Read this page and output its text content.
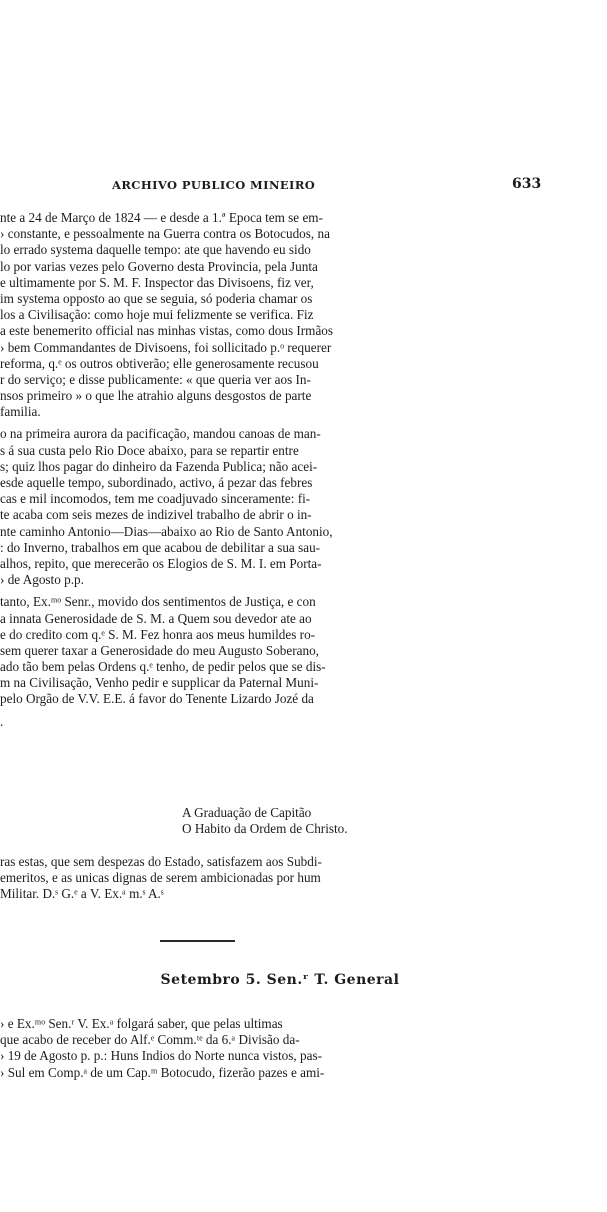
ARCHIVO PUBLICO MINEIRO	633
nte a 24 de Março de 1824 — e desde a 1.ª Epoca tem se em-
› constante, e pessoalmente na Guerra contra os Botocudos, na
lo errado systema daquelle tempo: ate que havendo eu sido
lo por varias vezes pelo Governo desta Provincia, pela Junta
e ultimamente por S. M. F. Inspector das Divisoens, fiz ver,
im systema opposto ao que se seguia, só poderia chamar os
los a Civilisação: como hoje mui felizmente se verifica. Fiz
a este benemerito official nas minhas vistas, como dous Irmãos
› bem Commandantes de Divisoens, foi sollicitado p.ᵒ requerer
reforma, q.ᵉ os outros obtiverão; elle generosamente recusou
r do serviço; e disse publicamente: « que queria ver aos In-
nsos primeiro » o que lhe atrahio alguns desgostos de parte
familia.
o na primeira aurora da pacificação, mandou canoas de man-
s á sua custa pelo Rio Doce abaixo, para se repartir entre
s; quiz lhos pagar do dinheiro da Fazenda Publica; não acei-
esde aquelle tempo, subordinado, activo, á pezar das febres
cas e mil incomodos, tem me coadjuvado sinceramente: fi-
te acaba com seis mezes de indizivel trabalho de abrir o in-
nte caminho Antonio—Dias—abaixo ao Rio de Santo Antonio,
: do Inverno, trabalhos em que acabou de debilitar a sua sau-
alhos, repito, que merecerão os Elogios de S. M. I. em Porta-
› de Agosto p.p.
tanto, Ex.ᵐᵒ Senr., movido dos sentimentos de Justiça, e con
a innata Generosidade de S. M. a Quem sou devedor ate ao
e do credito com q.ᵉ S. M. Fez honra aos meus humildes ro-
sem querer taxar a Generosidade do meu Augusto Soberano,
ado tão bem pelas Ordens q.ᵉ tenho, de pedir pelos que se dis-
m na Civilisação, Venho pedir e supplicar da Paternal Muni-
pelo Orgão de V.V. E.E. á favor do Tenente Lizardo Jozé da
.
A Graduação de Capitão
O Habito da Ordem de Christo.
ras estas, que sem despezas do Estado, satisfazem aos Subdi-
emeritos, e as unicas dignas de serem ambicionadas por hum
Militar. D.ˢ G.ᵉ a V. Ex.ᵃ m.ˢ A.ˢ
Setembro 5. Sen.ʳ T. General
› e Ex.ᵐᵒ Sen.ʳ V. Ex.ᵃ folgará saber, que pelas ultimas
que acabo de receber do Alf.ᵉ Comm.ᵗᵉ da 6.ᵃ Divisão da-
› 19 de Agosto p. p.: Huns Indios do Norte nunca vistos, pas-
› Sul em Comp.ᵃ de um Cap.ᵐ Botocudo, fizerão pazes e ami-
